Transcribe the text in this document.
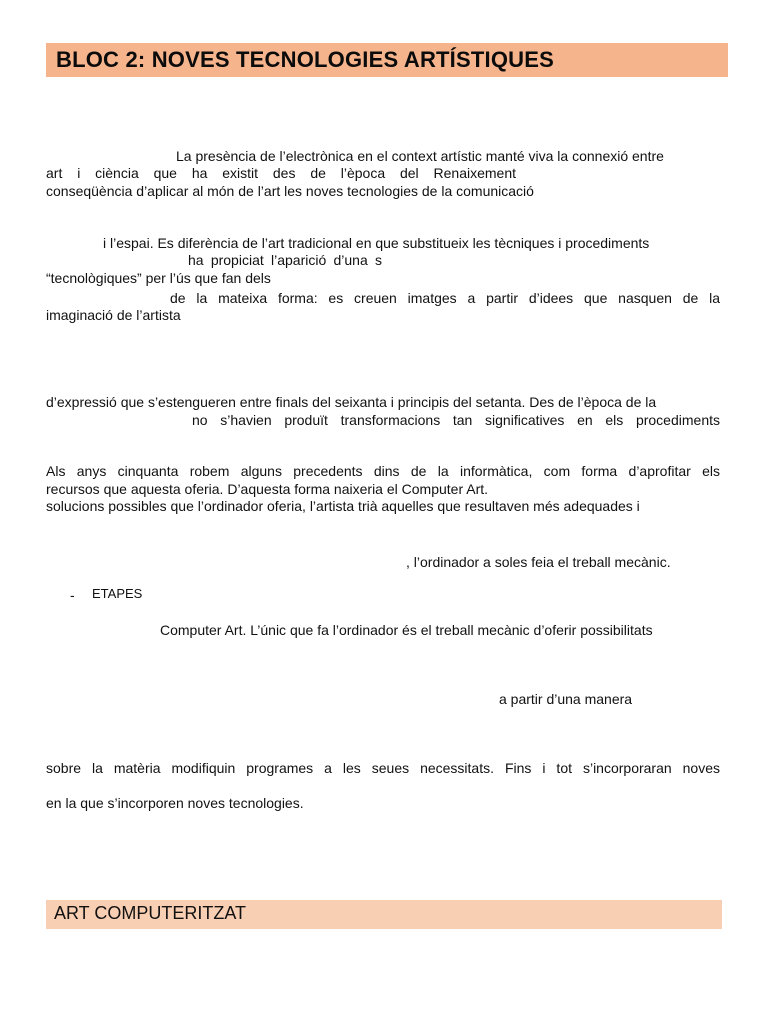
BLOC 2: NOVES TECNOLOGIES ARTÍSTIQUES
La presència de l’electrònica en el context artístic manté viva la connexió entre
art i ciència que ha existit des de l’època del Renaixement
conseqüència d’aplicar al món de l’art les noves tecnologies de la comunicació
i l’espai. Es diferència de l’art tradicional en que substitueix les tècniques i procediments
ha propiciat l’aparició d’una s
“tecnològiques” per l’ús que fan dels
de la mateixa forma: es creuen imatges a partir d’idees que nasquen de la
imaginació de l’artista
d’expressió que s’estengueren entre finals del seixanta i principis del setanta. Des de l’època de la
no s’havien produït transformacions tan significatives en els procediments
Als anys cinquanta robem alguns precedents dins de la informàtica, com forma d’aprofitar els
recursos que aquesta oferia. D’aquesta forma naixeria el Computer Art.
solucions possibles que l’ordinador oferia, l’artista trià aquelles que resultaven més adequades i
, l’ordinador a soles feia el treball mecànic.
- ETAPES
Computer Art. L’únic que fa l’ordinador és el treball mecànic d’oferir possibilitats
a partir d’una manera
sobre la matèria modifiquin programes a les seues necessitats. Fins i tot s’incorporaran noves
en la que s’incorporen noves tecnologies.
ART COMPUTERITZAT
